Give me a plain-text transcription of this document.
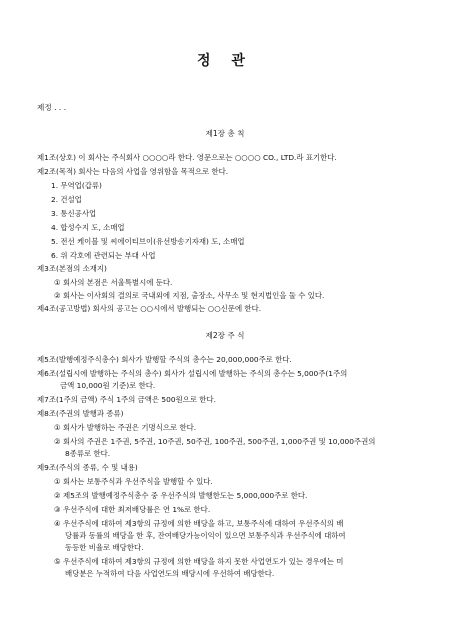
정 관
제정 . . .
제1장 총 칙
제1조(상호) 이 회사는 주식회사 ○○○○라 한다. 영문으로는 ○○○○ CO., LTD.라 표기한다.
제2조(목적) 회사는 다음의 사업을 영위함을 목적으로 한다.
1. 무역업(갑류)
2. 건설업
3. 통신공사업
4. 합성수지 도, 소매업
5. 전선 케이블 및 씨에이티브이(유선방송기자재) 도, 소매업
6. 위 각호에 관련되는 부대 사업
제3조(본점의 소재지)
① 회사의 본점은 서울특별시에 둔다.
② 회사는 이사회의 결의로 국내외에 지점, 출장소, 사무소 및 현지법인을 둘 수 있다.
제4조(공고방법) 회사의 공고는 ○○시에서 발행되는 ○○신문에 한다.
제2장 주 식
제5조(발행예정주식총수) 회사가 발행할 주식의 총수는 20,000,000주로 한다.
제6조(설립시에 발행하는 주식의 총수) 회사가 설립시에 발행하는 주식의 총수는 5,000주(1주의
금액 10,000원 기준)로 한다.
제7조(1주의 금액) 주식 1주의 금액은 500원으로 한다.
제8조(주권의 발행과 종류)
① 회사가 발행하는 주권은 기명식으로 한다.
② 회사의 주권은 1주권, 5주권, 10주권, 50주권, 100주권, 500주권, 1,000주권 및 10,000주권의
8종류로 한다.
제9조(주식의 종류, 수 및 내용)
① 회사는 보통주식과 우선주식을 발행할 수 있다.
② 제5조의 발행예정주식총수 중 우선주식의 발행한도는 5,000,000주로 한다.
③ 우선주식에 대한 최저배당률은 연 1%로 한다.
④ 우선주식에 대하여 제3항의 규정에 의한 배당을 하고, 보통주식에 대하여 우선주식의 배
당률과 동률의 배당을 한 후, 잔여배당가능이익이 있으면 보통주식과 우선주식에 대하여
동등한 비율로 배당한다.
⑤ 우선주식에 대하여 제3항의 규정에 의한 배당을 하지 못한 사업연도가 있는 경우에는 미
배당분은 누적하여 다음 사업연도의 배당시에 우선하여 배당한다.
